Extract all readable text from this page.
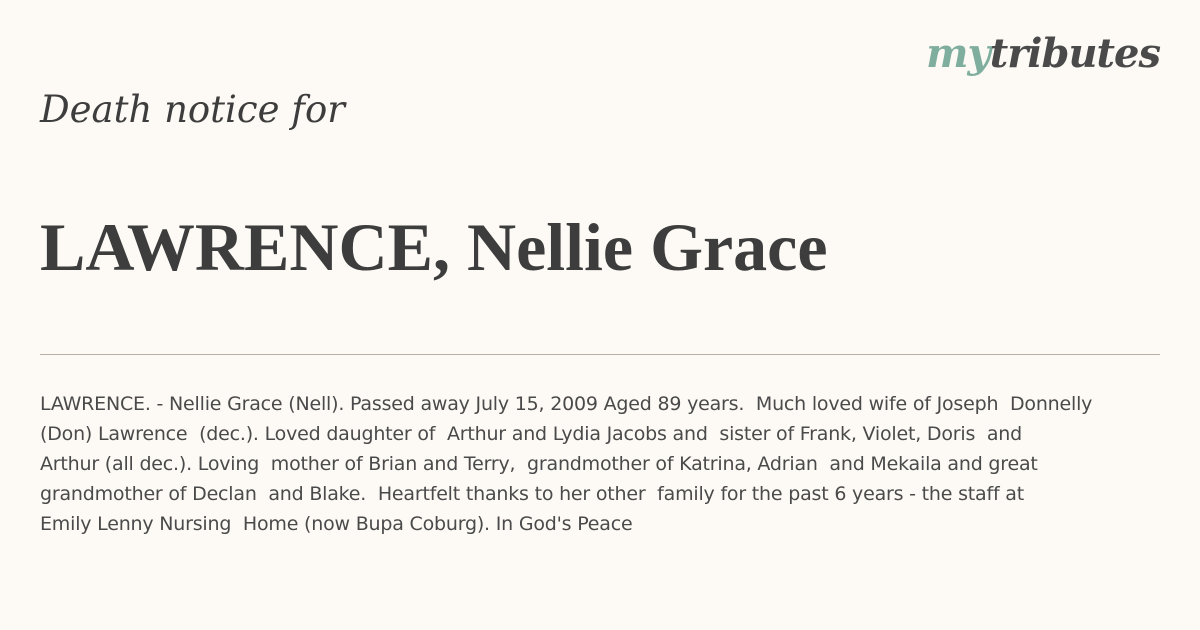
mytributes
Death notice for
LAWRENCE, Nellie Grace
LAWRENCE. - Nellie Grace (Nell). Passed away July 15, 2009 Aged 89 years.  Much loved wife of Joseph  Donnelly
(Don) Lawrence  (dec.). Loved daughter of  Arthur and Lydia Jacobs and  sister of Frank, Violet, Doris  and
Arthur (all dec.). Loving  mother of Brian and Terry,  grandmother of Katrina, Adrian  and Mekaila and great
grandmother of Declan  and Blake.  Heartfelt thanks to her other  family for the past 6 years - the staff at
Emily Lenny Nursing  Home (now Bupa Coburg). In God's Peace
